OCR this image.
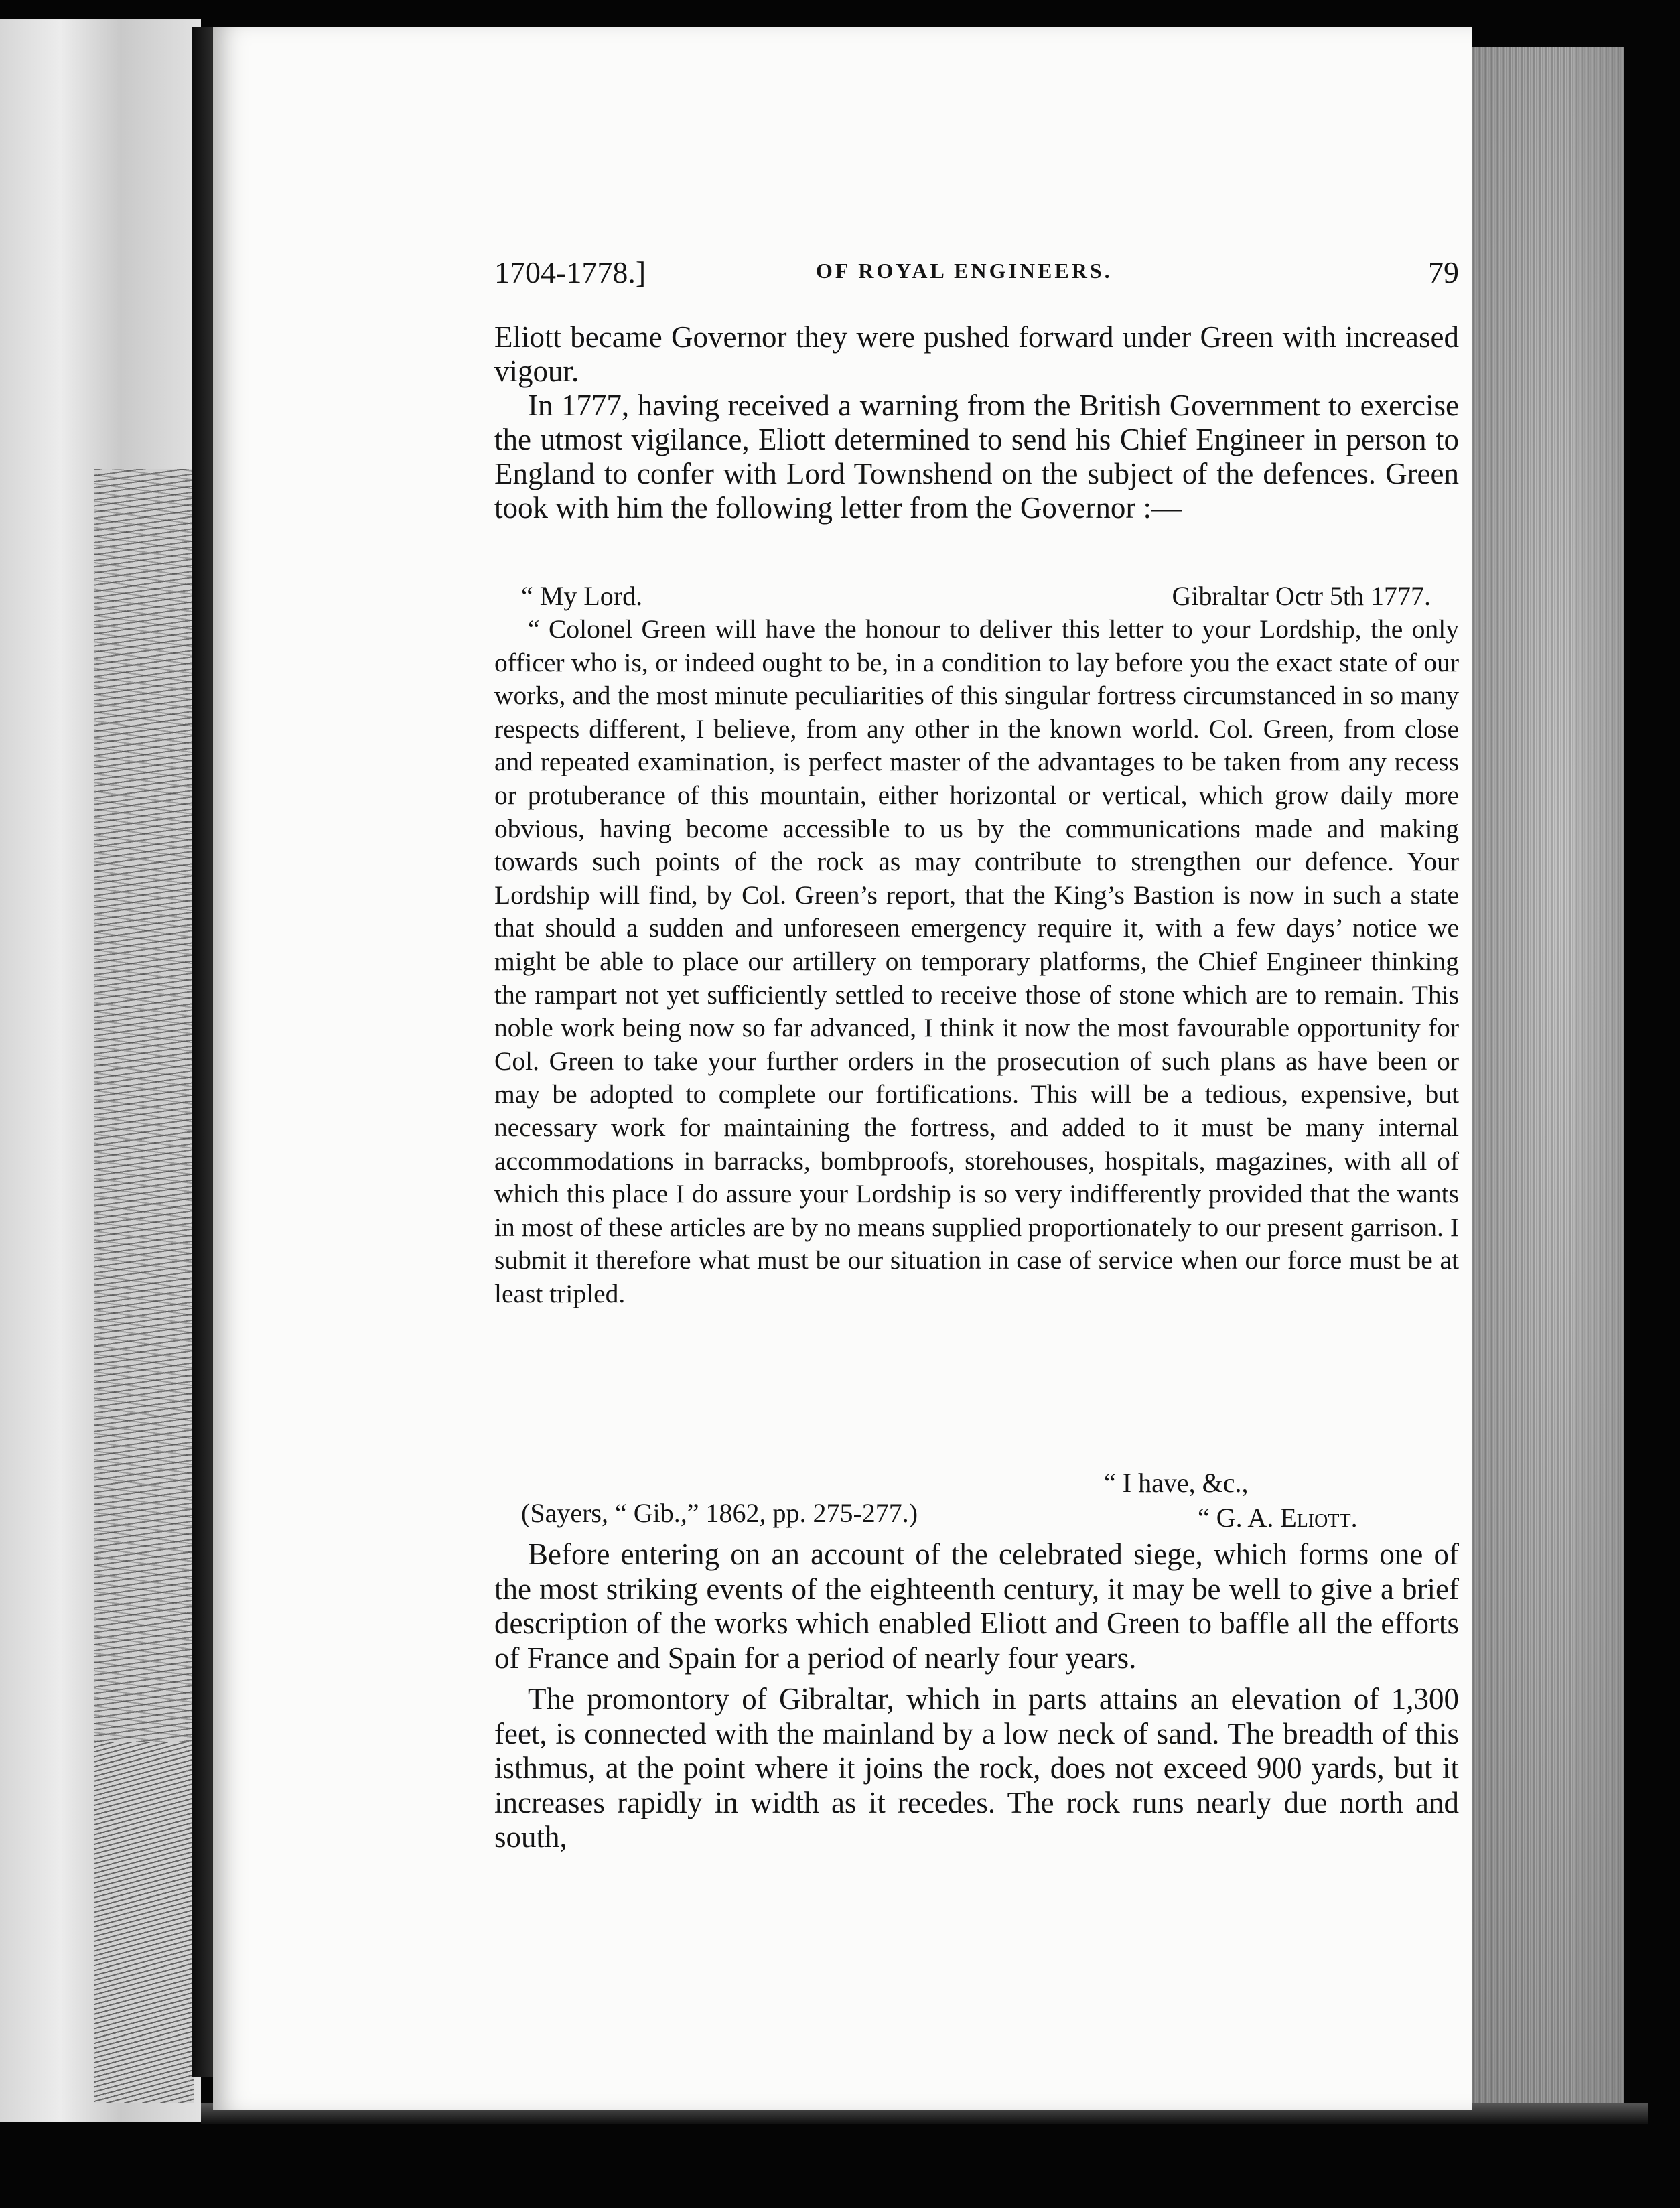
1704-1778.]	OF ROYAL ENGINEERS.	79

Eliott became Governor they were pushed forward under Green with increased vigour.

In 1777, having received a warning from the British Government to exercise the utmost vigilance, Eliott determined to send his Chief Engineer in person to England to confer with Lord Townshend on the subject of the defences. Green took with him the following letter from the Governor :—

“ My Lord.	Gibraltar Octr 5th 1777.

“ Colonel Green will have the honour to deliver this letter to your Lordship, the only officer who is, or indeed ought to be, in a condition to lay before you the exact state of our works, and the most minute peculiarities of this singular fortress circumstanced in so many respects different, I believe, from any other in the known world. Col. Green, from close and repeated examination, is perfect master of the advantages to be taken from any recess or protuberance of this mountain, either horizontal or vertical, which grow daily more obvious, having become accessible to us by the communications made and making towards such points of the rock as may contribute to strengthen our defence. Your Lordship will find, by Col. Green’s report, that the King’s Bastion is now in such a state that should a sudden and unforeseen emergency require it, with a few days’ notice we might be able to place our artillery on temporary platforms, the Chief Engineer thinking the rampart not yet sufficiently settled to receive those of stone which are to remain. This noble work being now so far advanced, I think it now the most favourable opportunity for Col. Green to take your further orders in the prosecution of such plans as have been or may be adopted to complete our fortifications. This will be a tedious, expensive, but necessary work for maintaining the fortress, and added to it must be many internal accommodations in barracks, bombproofs, storehouses, hospitals, magazines, with all of which this place I do assure your Lordship is so very indifferently provided that the wants in most of these articles are by no means supplied proportionately to our present garrison. I submit it therefore what must be our situation in case of service when our force must be at least tripled.

“ I have, &c.,
(Sayers, “ Gib.,” 1862, pp. 275-277.)	“ G. A. Eliott.

Before entering on an account of the celebrated siege, which forms one of the most striking events of the eighteenth century, it may be well to give a brief description of the works which enabled Eliott and Green to baffle all the efforts of France and Spain for a period of nearly four years.

The promontory of Gibraltar, which in parts attains an elevation of 1,300 feet, is connected with the mainland by a low neck of sand. The breadth of this isthmus, at the point where it joins the rock, does not exceed 900 yards, but it increases rapidly in width as it recedes. The rock runs nearly due north and south,
